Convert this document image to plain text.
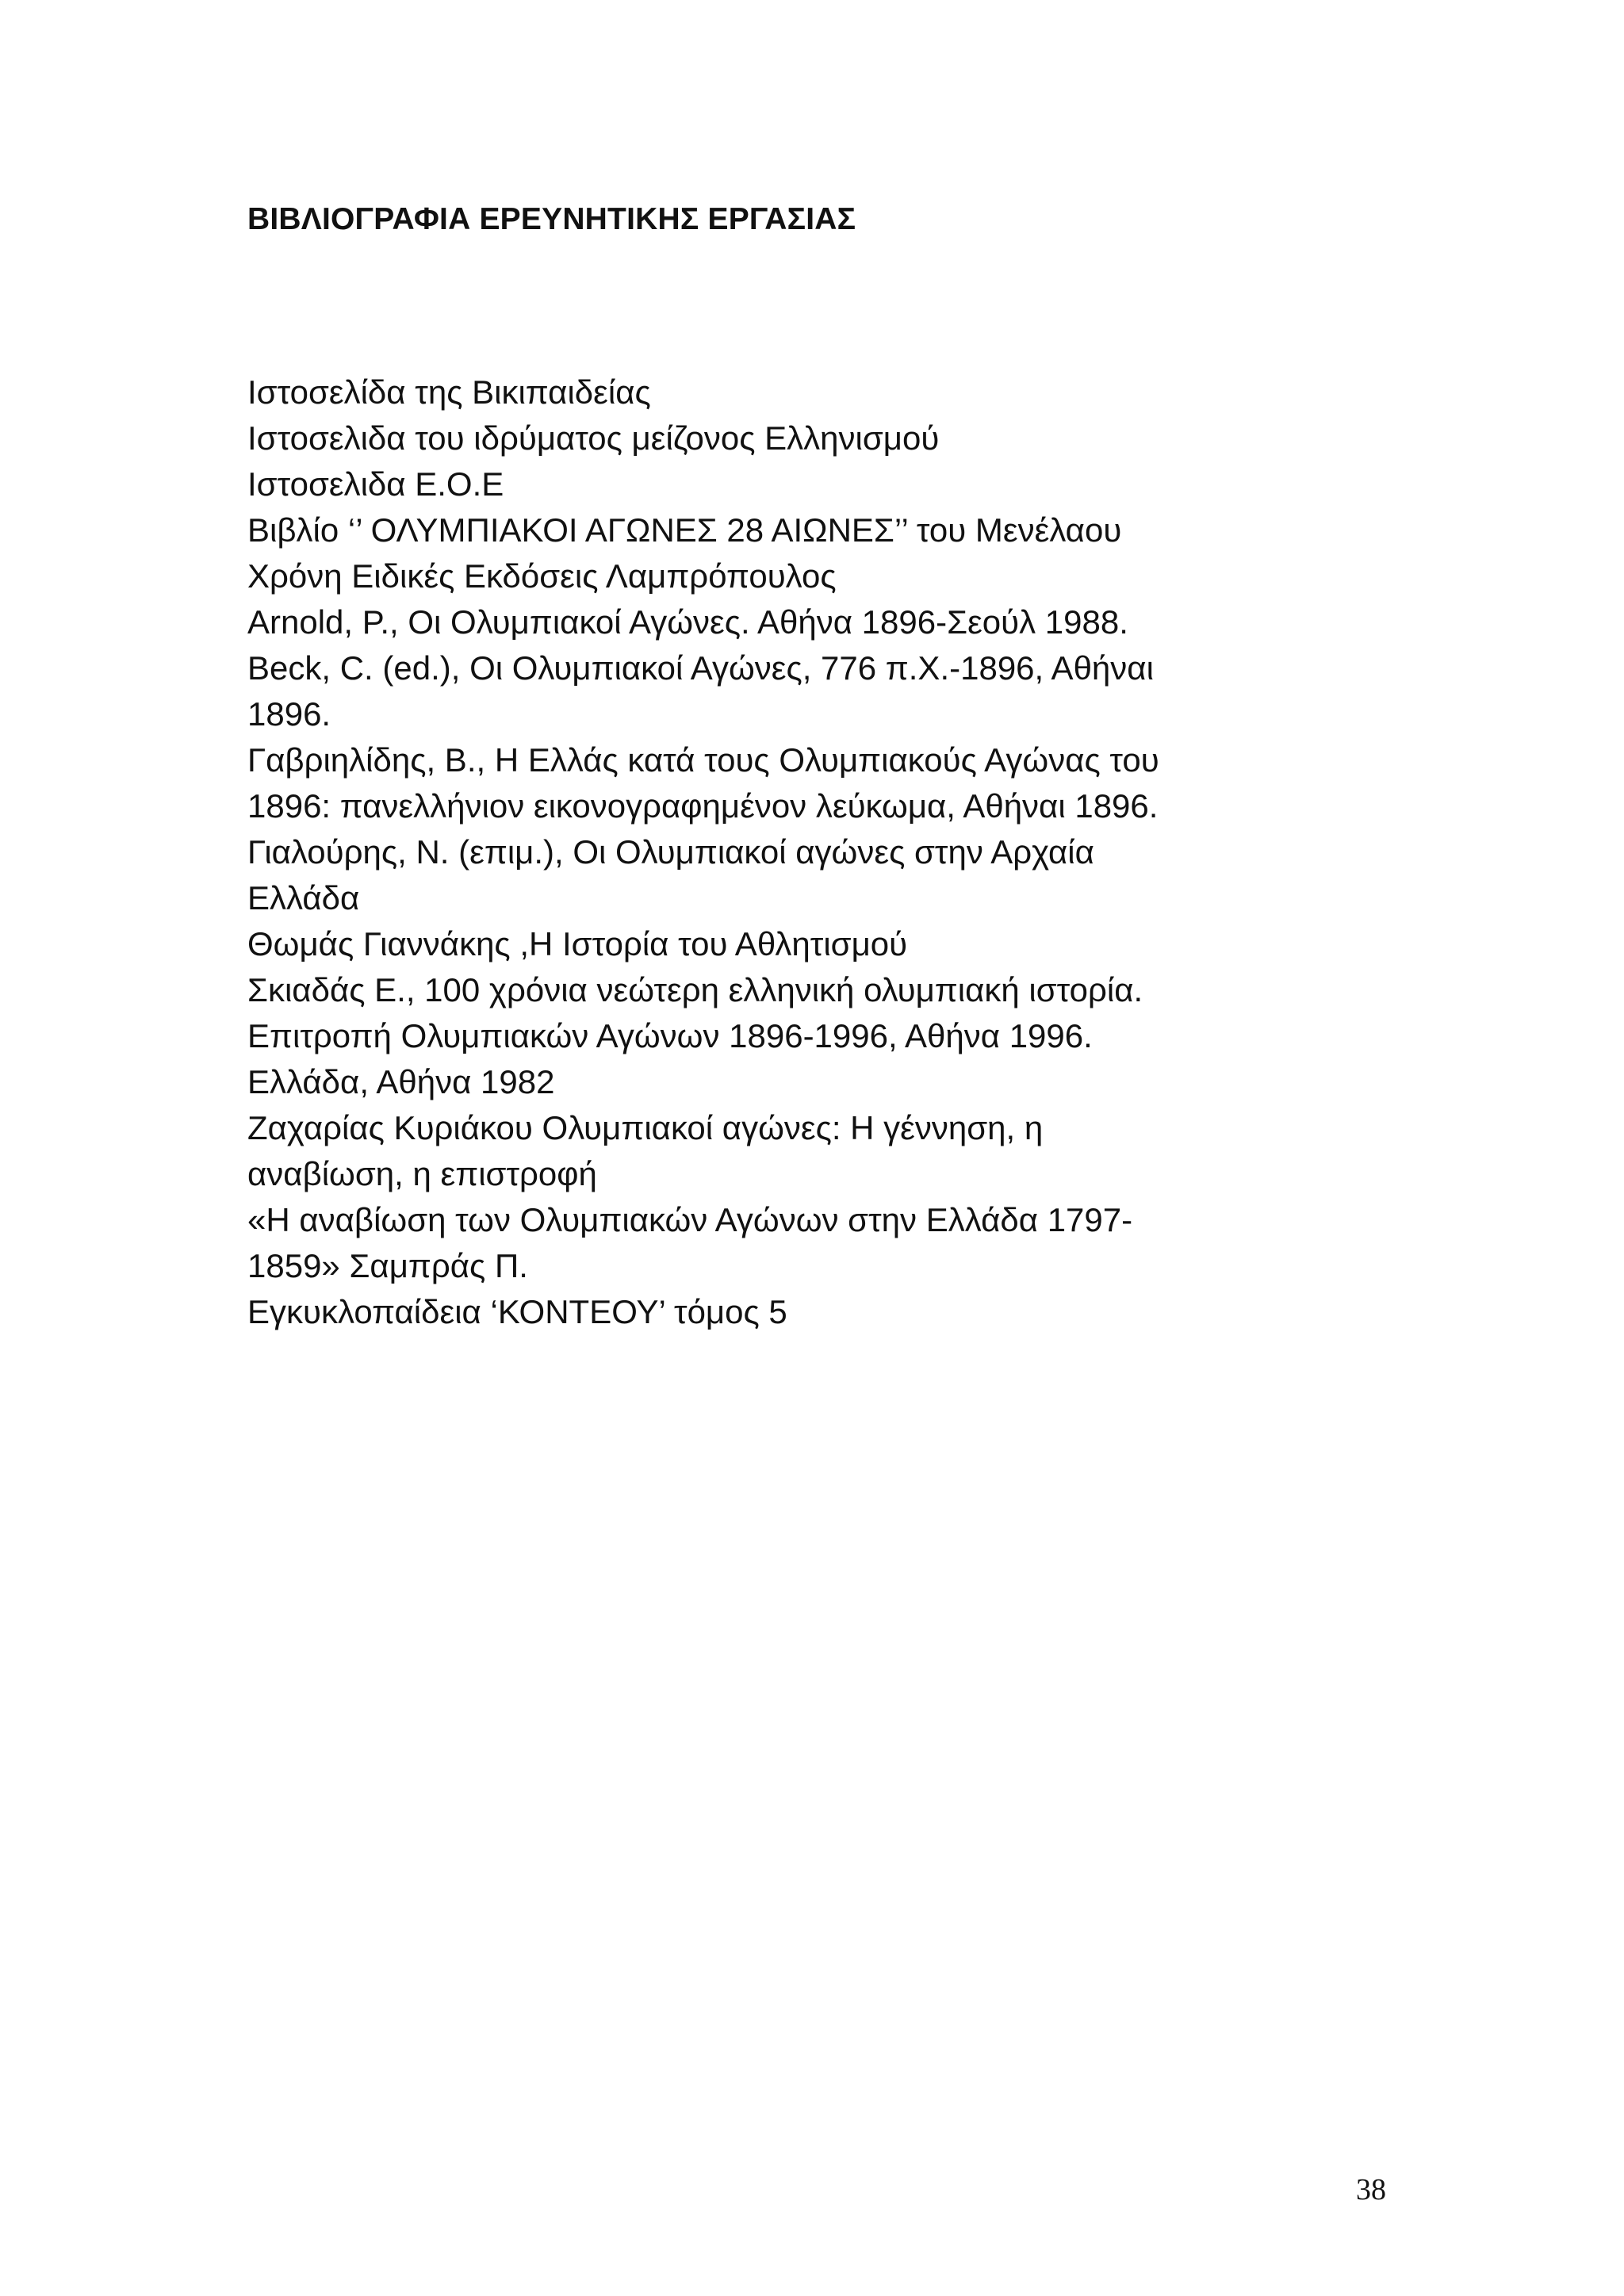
ΒΙΒΛΙΟΓΡΑΦΙΑ ΕΡΕΥΝΗΤΙΚΗΣ ΕΡΓΑΣΙΑΣ
Ιστοσελίδα της Βικιπαιδείας
Ιστοσελιδα του ιδρύματος μείζονος Ελληνισμού
Ιστοσελιδα Ε.Ο.Ε
Βιβλίο ‘’ ΟΛΥΜΠΙΑΚΟΙ ΑΓΩΝΕΣ 28 ΑΙΩΝΕΣ’’ του Μενέλαου
Χρόνη Ειδικές Εκδόσεις Λαμπρόπουλος
Arnold, P., Οι Ολυμπιακοί Αγώνες. Αθήνα 1896-Σεούλ 1988.
Beck, C. (ed.), Οι Ολυμπιακοί Αγώνες, 776 π.Χ.-1896, Αθήναι
1896.
Γαβριηλίδης, Β., Η Ελλάς κατά τους Ολυμπιακούς Αγώνας του
1896: πανελλήνιον εικονογραφημένον λεύκωμα, Αθήναι 1896.
Γιαλούρης, Ν. (επιμ.), Οι Ολυμπιακοί αγώνες στην Αρχαία
Ελλάδα
Θωμάς Γιαννάκης ,Η Ιστορία του Αθλητισμού
Σκιαδάς Ε., 100 χρόνια νεώτερη ελληνική ολυμπιακή ιστορία.
Επιτροπή Ολυμπιακών Αγώνων 1896-1996, Αθήνα 1996.
Ελλάδα, Αθήνα 1982
Ζαχαρίας Κυριάκου Ολυμπιακοί αγώνες: Η γέννηση, η
αναβίωση, η επιστροφή
«Η αναβίωση των Ολυμπιακών Αγώνων στην Ελλάδα 1797-
1859» Σαμπράς Π.
Εγκυκλοπαίδεια ‘ΚΟΝΤΕΟΥ’ τόμος 5
38
